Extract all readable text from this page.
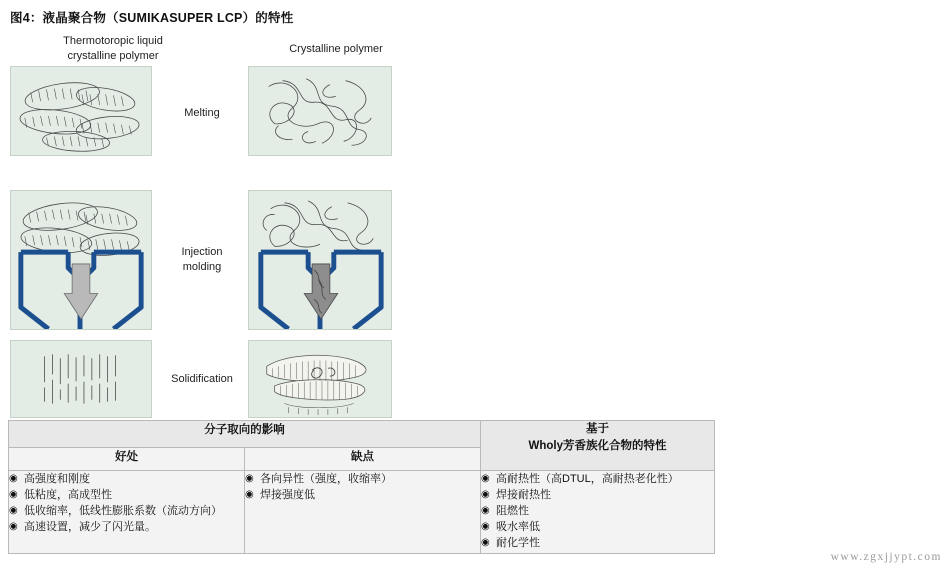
图4：液晶聚合物（SUMIKASUPER LCP）的特性
Thermotoropic liquid
crystalline polymer
Crystalline polymer
Melting
Injection
molding
Solidification
分子取向的影响		基于
Wholy芳香族化合物的特性
好处	缺点	

◉ 高强度和刚度
◉ 低粘度，高成型性
◉ 低收缩率，低线性膨胀系数（流动方向）
◉ 高速设置，减少了闪光量。

◉ 各向异性（强度，收缩率）
◉ 焊接强度低

◉ 高耐热性（高DTUL，高耐热老化性）
◉ 焊接耐热性
◉ 阻燃性
◉ 吸水率低
◉ 耐化学性
www.zgxjjypt.com
